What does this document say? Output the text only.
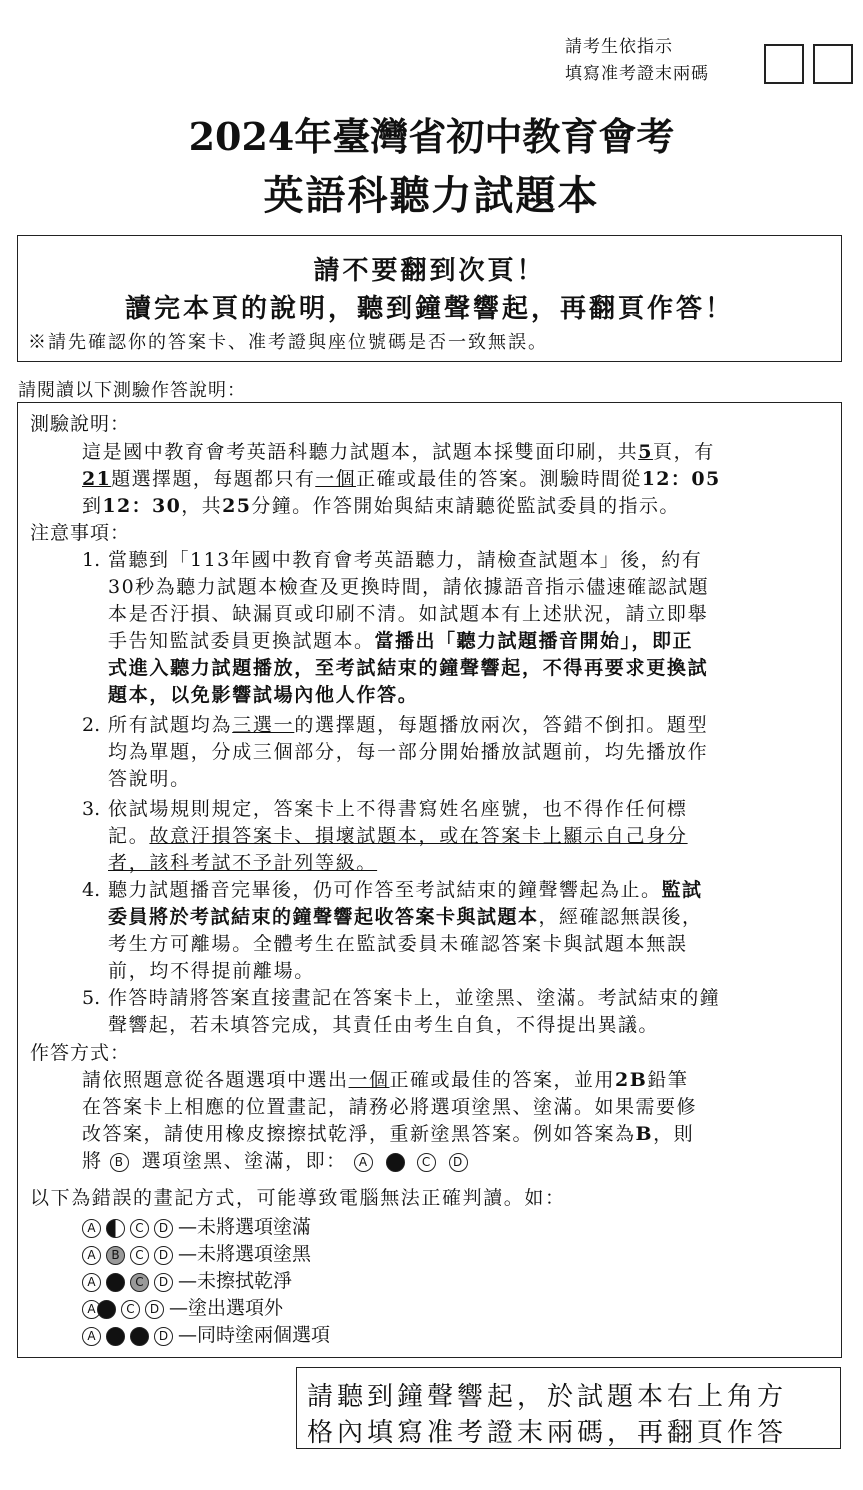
請考生依指示
填寫准考證末兩碼
2024年臺灣省初中教育會考
英語科聽力試題本
請不要翻到次頁！
讀完本頁的說明，聽到鐘聲響起，再翻頁作答！
※請先確認你的答案卡、准考證與座位號碼是否一致無誤。
請閱讀以下測驗作答說明：
測驗說明：
這是國中教育會考英語科聽力試題本，試題本採雙面印刷，共5頁，有
21題選擇題，每題都只有一個正確或最佳的答案。測驗時間從12：05
到12：30，共25分鐘。作答開始與結束請聽從監試委員的指示。
注意事項：
1. 當聽到「113年國中教育會考英語聽力，請檢查試題本」後，約有
30秒為聽力試題本檢查及更換時間，請依據語音指示儘速確認試題
本是否汙損、缺漏頁或印刷不清。如試題本有上述狀況，請立即舉
手告知監試委員更換試題本。當播出「聽力試題播音開始」，即正
式進入聽力試題播放，至考試結束的鐘聲響起，不得再要求更換試
題本，以免影響試場內他人作答。
2. 所有試題均為三選一的選擇題，每題播放兩次，答錯不倒扣。題型
均為單題，分成三個部分，每一部分開始播放試題前，均先播放作
答說明。
3. 依試場規則規定，答案卡上不得書寫姓名座號，也不得作任何標
記。故意汙損答案卡、損壞試題本，或在答案卡上顯示自己身分
者，該科考試不予計列等級。
4. 聽力試題播音完畢後，仍可作答至考試結束的鐘聲響起為止。監試
委員將於考試結束的鐘聲響起收答案卡與試題本，經確認無誤後，
考生方可離場。全體考生在監試委員未確認答案卡與試題本無誤
前，均不得提前離場。
5. 作答時請將答案直接畫記在答案卡上，並塗黑、塗滿。考試結束的鐘
聲響起，若未填答完成，其責任由考生自負，不得提出異議。
作答方式：
請依照題意從各題選項中選出一個正確或最佳的答案，並用2B鉛筆
在答案卡上相應的位置畫記，請務必將選項塗黑、塗滿。如果需要修
改答案，請使用橡皮擦擦拭乾淨，重新塗黑答案。例如答案為B，則
將 B 選項塗黑、塗滿，即： A	C D
以下為錯誤的畫記方式，可能導致電腦無法正確判讀。如：
A	C D —未將選項塗滿
A B C D —未將選項塗黑
A	C D —未擦拭乾淨
A	C D —塗出選項外
A	D —同時塗兩個選項
請聽到鐘聲響起，於試題本右上角方
格內填寫准考證末兩碼，再翻頁作答
